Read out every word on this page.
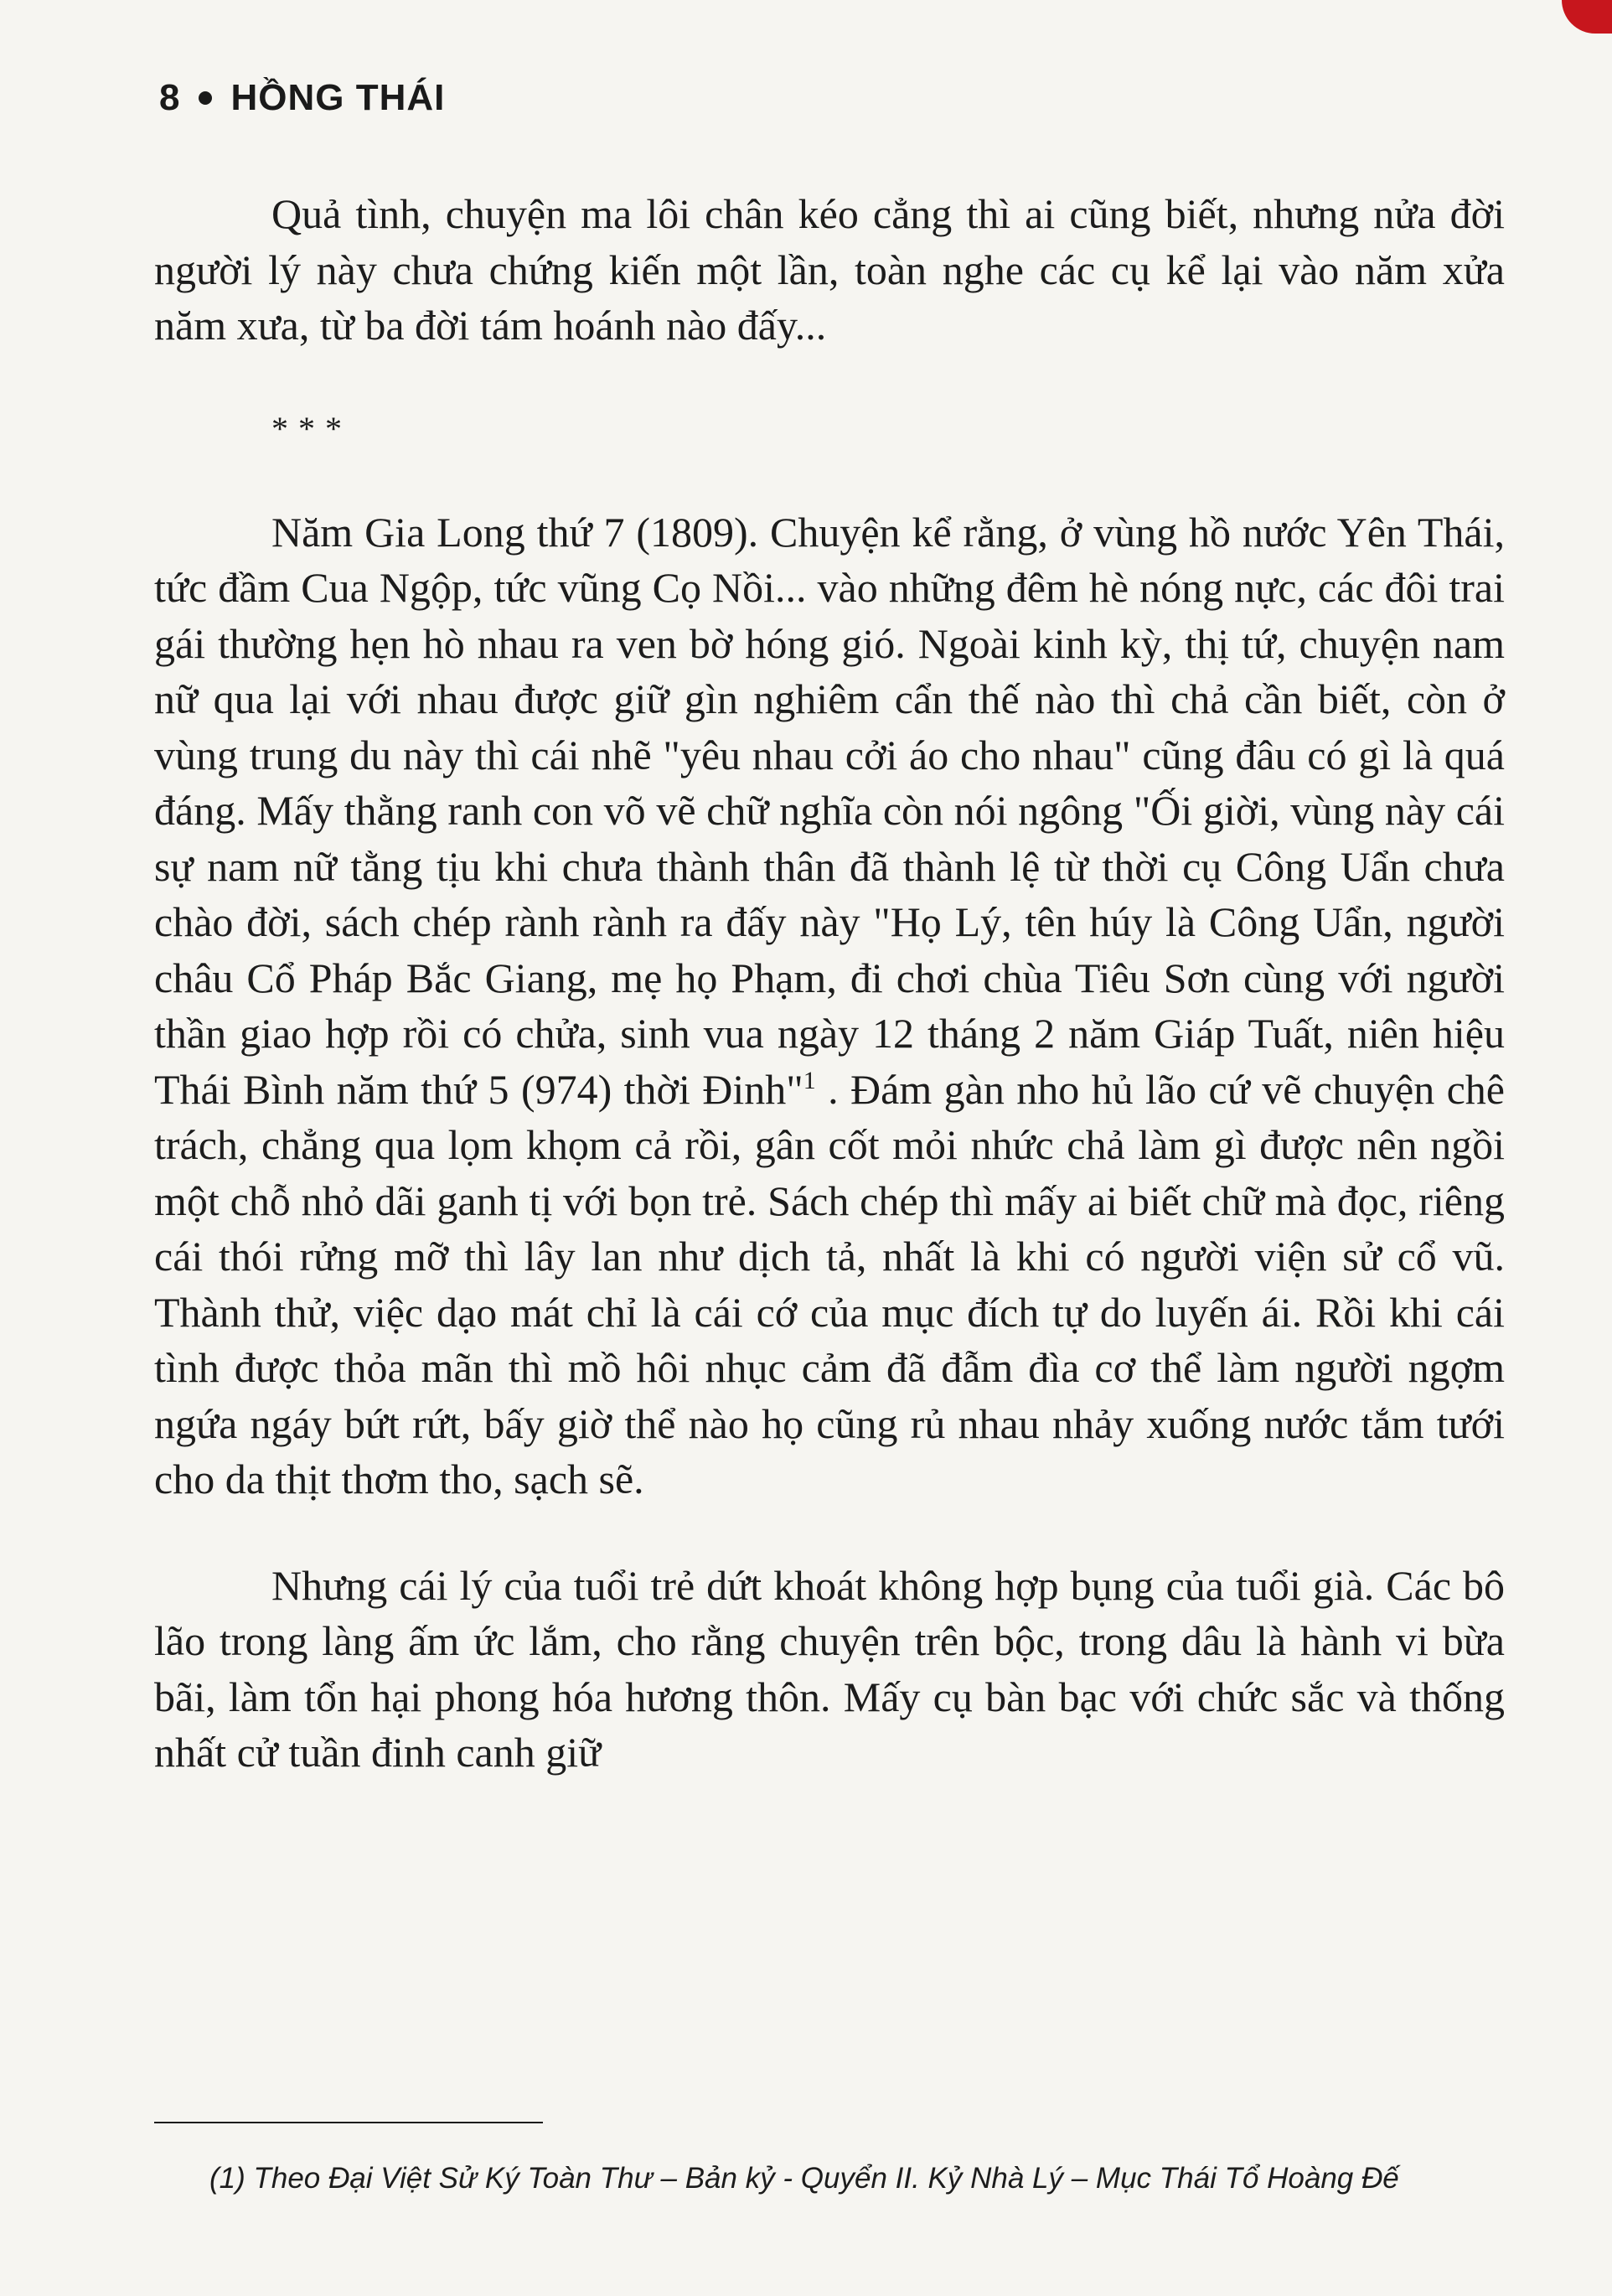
8 HỒNG THÁI

Quả tình, chuyện ma lôi chân kéo cẳng thì ai cũng biết, nhưng nửa đời người lý này chưa chứng kiến một lần, toàn nghe các cụ kể lại vào năm xửa năm xưa, từ ba đời tám hoánh nào đấy...

***

Năm Gia Long thứ 7 (1809). Chuyện kể rằng, ở vùng hồ nước Yên Thái, tức đầm Cua Ngộp, tức vũng Cọ Nồi... vào những đêm hè nóng nực, các đôi trai gái thường hẹn hò nhau ra ven bờ hóng gió. Ngoài kinh kỳ, thị tứ, chuyện nam nữ qua lại với nhau được giữ gìn nghiêm cẩn thế nào thì chả cần biết, còn ở vùng trung du này thì cái nhẽ "yêu nhau cởi áo cho nhau" cũng đâu có gì là quá đáng. Mấy thằng ranh con võ vẽ chữ nghĩa còn nói ngông "Ối giời, vùng này cái sự nam nữ tằng tịu khi chưa thành thân đã thành lệ từ thời cụ Công Uẩn chưa chào đời, sách chép rành rành ra đấy này "Họ Lý, tên húy là Công Uẩn, người châu Cổ Pháp Bắc Giang, mẹ họ Phạm, đi chơi chùa Tiêu Sơn cùng với người thần giao hợp rồi có chửa, sinh vua ngày 12 tháng 2 năm Giáp Tuất, niên hiệu Thái Bình năm thứ 5 (974) thời Đinh"$^1$ . Đám gàn nho hủ lão cứ vẽ chuyện chê trách, chẳng qua lọm khọm cả rồi, gân cốt mỏi nhức chả làm gì được nên ngồi một chỗ nhỏ dãi ganh tị với bọn trẻ. Sách chép thì mấy ai biết chữ mà đọc, riêng cái thói rửng mỡ thì lây lan như dịch tả, nhất là khi có người viện sử cổ vũ. Thành thử, việc dạo mát chỉ là cái cớ của mục đích tự do luyến ái. Rồi khi cái tình được thỏa mãn thì mồ hôi nhục cảm đã đẫm đìa cơ thể làm người ngợm ngứa ngáy bứt rứt, bấy giờ thể nào họ cũng rủ nhau nhảy xuống nước tắm tưới cho da thịt thơm tho, sạch sẽ.

Nhưng cái lý của tuổi trẻ dứt khoát không hợp bụng của tuổi già. Các bô lão trong làng ấm ức lắm, cho rằng chuyện trên bộc, trong dâu là hành vi bừa bãi, làm tổn hại phong hóa hương thôn. Mấy cụ bàn bạc với chức sắc và thống nhất cử tuần đinh canh giữ

(1) Theo Đại Việt Sử Ký Toàn Thư – Bản kỷ - Quyển II. Kỷ Nhà Lý – Mục Thái Tổ Hoàng Đế
